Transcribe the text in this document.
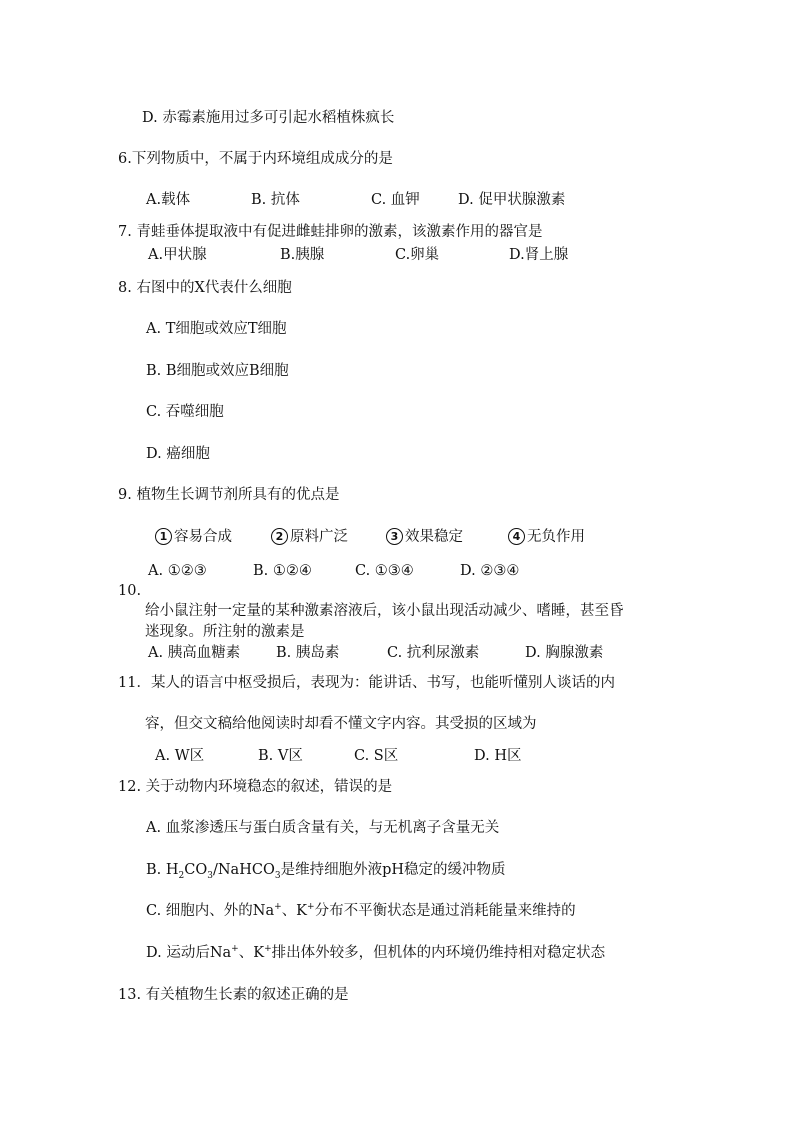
D. 赤霉素施用过多可引起水稻植株疯长
6.下列物质中，不属于内环境组成成分的是
A.载体	B. 抗体	C. 血钾	D. 促甲状腺激素
7. 青蛙垂体提取液中有促进雌蛙排卵的激素，该激素作用的器官是
A.甲状腺	B.胰腺	C.卵巢	D.肾上腺
8. 右图中的X代表什么细胞
A. T细胞或效应T细胞
B. B细胞或效应B细胞
C. 吞噬细胞
D. 癌细胞
9. 植物生长调节剂所具有的优点是
1 容易合成	2 原料广泛	3 效果稳定	4 无负作用
A. ①②③	B. ①②④	C. ①③④	D. ②③④
10.
给小鼠注射一定量的某种激素溶液后，该小鼠出现活动减少、嗜睡，甚至昏
迷现象。所注射的激素是
A. 胰高血糖素 B. 胰岛素	C. 抗利尿激素	D. 胸腺激素
11．某人的语言中枢受损后，表现为：能讲话、书写，也能听懂别人谈话的内
容，但交文稿给他阅读时却看不懂文字内容。其受损的区域为
A. W区	B. V区	C. S区	D. H区
12. 关于动物内环境稳态的叙述，错误的是
A. 血浆渗透压与蛋白质含量有关，与无机离子含量无关
B. $H_2CO_3/NaHCO_3$是维持细胞外液pH稳定的缓冲物质
C. 细胞内、外的Na+、K+分布不平衡状态是通过消耗能量来维持的
D. 运动后Na+、K+排出体外较多，但机体的内环境仍维持相对稳定状态
13. 有关植物生长素的叙述正确的是
